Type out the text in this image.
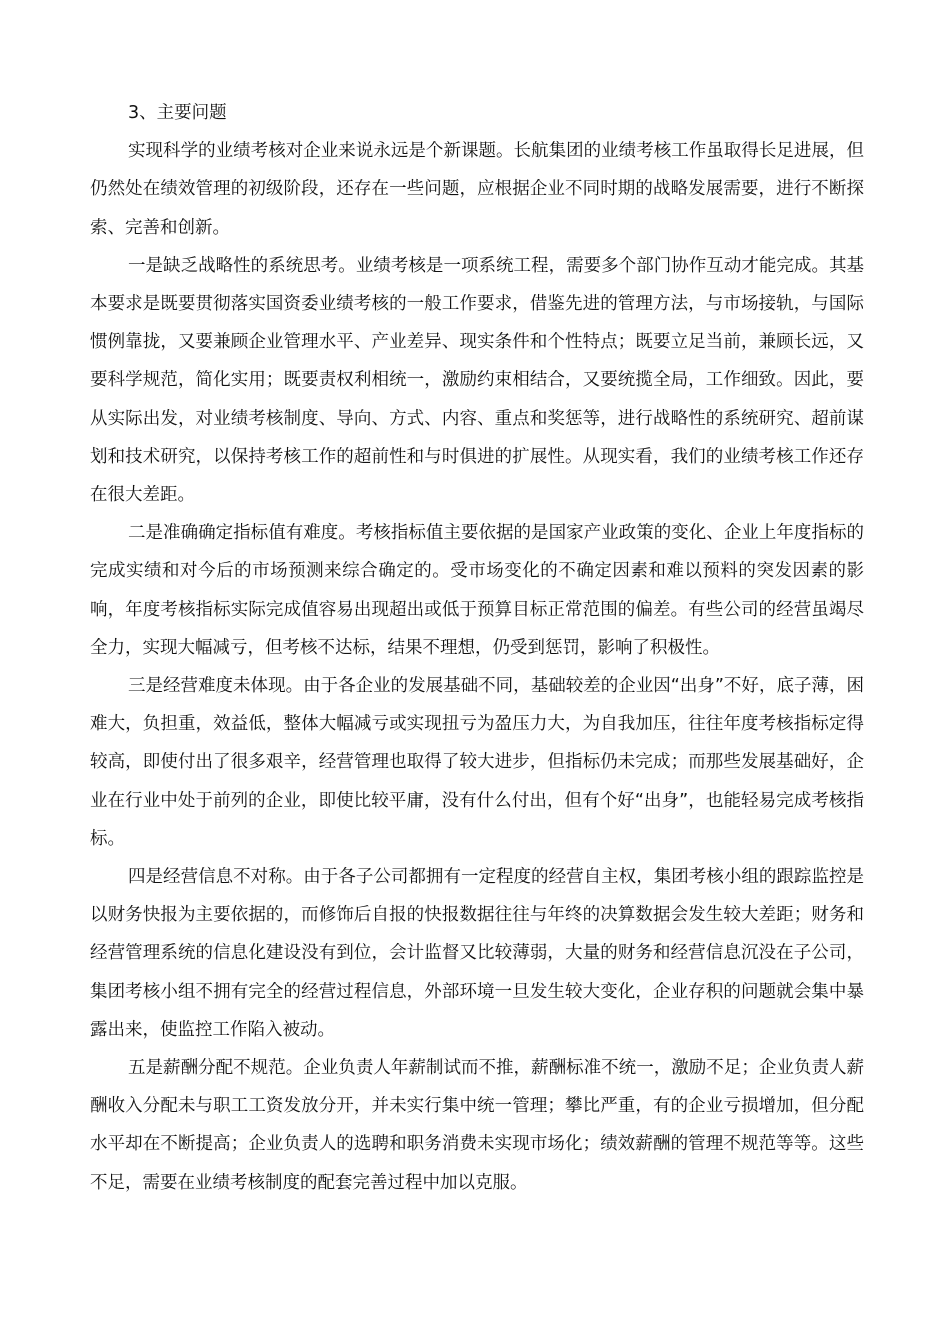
3、主要问题

实现科学的业绩考核对企业来说永远是个新课题。长航集团的业绩考核工作虽取得长足进展，但仍然处在绩效管理的初级阶段，还存在一些问题，应根据企业不同时期的战略发展需要，进行不断探索、完善和创新。

一是缺乏战略性的系统思考。业绩考核是一项系统工程，需要多个部门协作互动才能完成。其基本要求是既要贯彻落实国资委业绩考核的一般工作要求，借鉴先进的管理方法，与市场接轨，与国际惯例靠拢，又要兼顾企业管理水平、产业差异、现实条件和个性特点；既要立足当前，兼顾长远，又要科学规范，简化实用；既要责权利相统一，激励约束相结合，又要统揽全局，工作细致。因此，要从实际出发，对业绩考核制度、导向、方式、内容、重点和奖惩等，进行战略性的系统研究、超前谋划和技术研究，以保持考核工作的超前性和与时俱进的扩展性。从现实看，我们的业绩考核工作还存在很大差距。

二是准确确定指标值有难度。考核指标值主要依据的是国家产业政策的变化、企业上年度指标的完成实绩和对今后的市场预测来综合确定的。受市场变化的不确定因素和难以预料的突发因素的影响，年度考核指标实际完成值容易出现超出或低于预算目标正常范围的偏差。有些公司的经营虽竭尽全力，实现大幅减亏，但考核不达标，结果不理想，仍受到惩罚，影响了积极性。

三是经营难度未体现。由于各企业的发展基础不同，基础较差的企业因“出身”不好，底子薄，困难大，负担重，效益低，整体大幅减亏或实现扭亏为盈压力大，为自我加压，往往年度考核指标定得较高，即使付出了很多艰辛，经营管理也取得了较大进步，但指标仍未完成；而那些发展基础好，企业在行业中处于前列的企业，即使比较平庸，没有什么付出，但有个好“出身”，也能轻易完成考核指标。

四是经营信息不对称。由于各子公司都拥有一定程度的经营自主权，集团考核小组的跟踪监控是以财务快报为主要依据的，而修饰后自报的快报数据往往与年终的决算数据会发生较大差距；财务和经营管理系统的信息化建设没有到位，会计监督又比较薄弱，大量的财务和经营信息沉没在子公司，集团考核小组不拥有完全的经营过程信息，外部环境一旦发生较大变化，企业存积的问题就会集中暴露出来，使监控工作陷入被动。

五是薪酬分配不规范。企业负责人年薪制试而不推，薪酬标准不统一，激励不足；企业负责人薪酬收入分配未与职工工资发放分开，并未实行集中统一管理；攀比严重，有的企业亏损增加，但分配水平却在不断提高；企业负责人的选聘和职务消费未实现市场化；绩效薪酬的管理不规范等等。这些不足，需要在业绩考核制度的配套完善过程中加以克服。
